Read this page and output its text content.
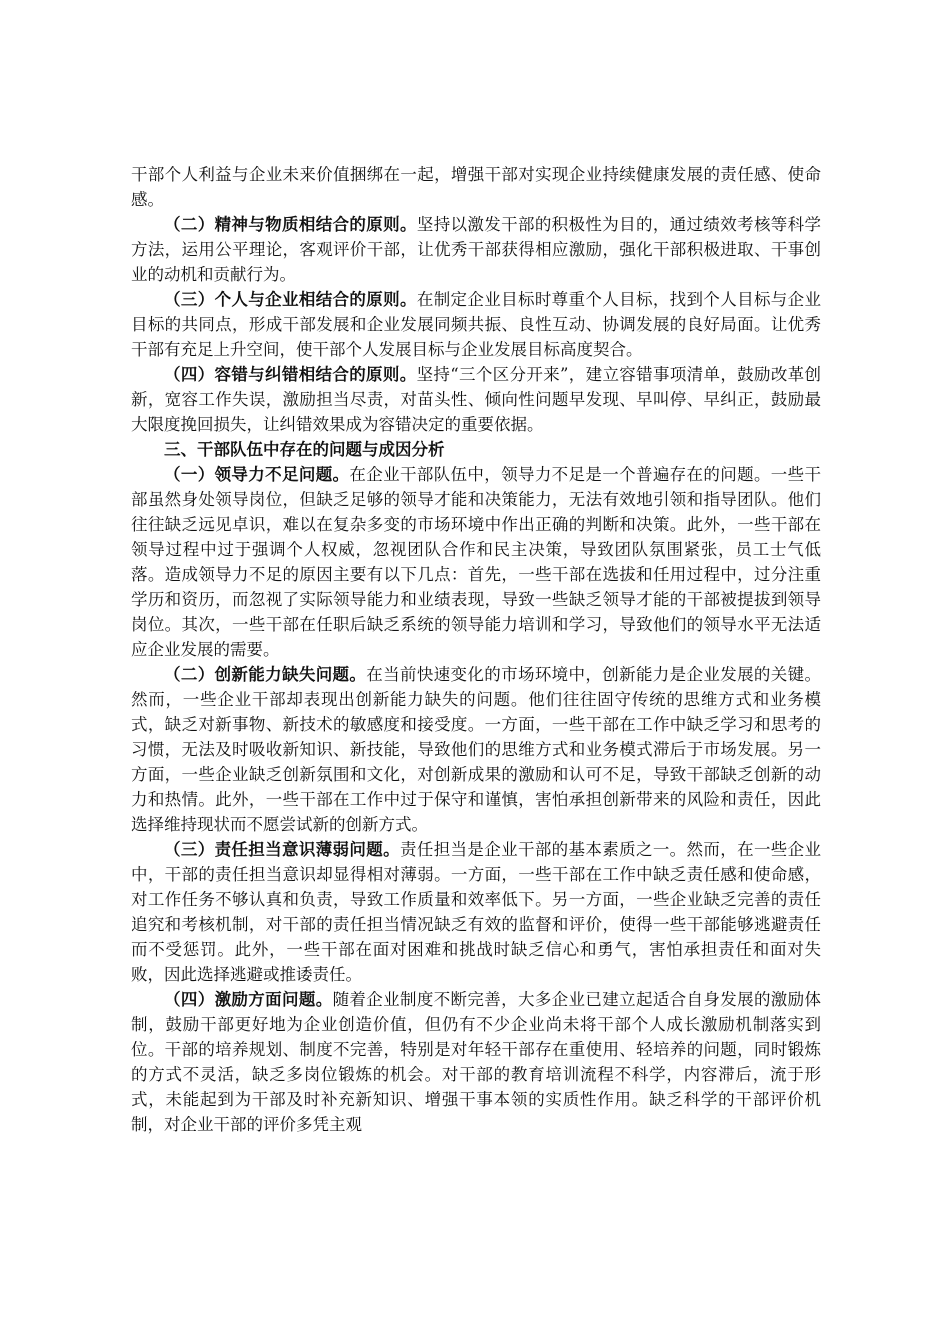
干部个人利益与企业未来价值捆绑在一起，增强干部对实现企业持续健康发展的责任感、使命感。

（二）精神与物质相结合的原则。坚持以激发干部的积极性为目的，通过绩效考核等科学方法，运用公平理论，客观评价干部，让优秀干部获得相应激励，强化干部积极进取、干事创业的动机和贡献行为。

（三）个人与企业相结合的原则。在制定企业目标时尊重个人目标，找到个人目标与企业目标的共同点，形成干部发展和企业发展同频共振、良性互动、协调发展的良好局面。让优秀干部有充足上升空间，使干部个人发展目标与企业发展目标高度契合。

（四）容错与纠错相结合的原则。坚持“三个区分开来”，建立容错事项清单，鼓励改革创新，宽容工作失误，激励担当尽责，对苗头性、倾向性问题早发现、早叫停、早纠正，鼓励最大限度挽回损失，让纠错效果成为容错决定的重要依据。

三、干部队伍中存在的问题与成因分析

（一）领导力不足问题。在企业干部队伍中，领导力不足是一个普遍存在的问题。一些干部虽然身处领导岗位，但缺乏足够的领导才能和决策能力，无法有效地引领和指导团队。他们往往缺乏远见卓识，难以在复杂多变的市场环境中作出正确的判断和决策。此外，一些干部在领导过程中过于强调个人权威，忽视团队合作和民主决策，导致团队氛围紧张，员工士气低落。造成领导力不足的原因主要有以下几点：首先，一些干部在选拔和任用过程中，过分注重学历和资历，而忽视了实际领导能力和业绩表现，导致一些缺乏领导才能的干部被提拔到领导岗位。其次，一些干部在任职后缺乏系统的领导能力培训和学习，导致他们的领导水平无法适应企业发展的需要。

（二）创新能力缺失问题。在当前快速变化的市场环境中，创新能力是企业发展的关键。然而，一些企业干部却表现出创新能力缺失的问题。他们往往固守传统的思维方式和业务模式，缺乏对新事物、新技术的敏感度和接受度。一方面，一些干部在工作中缺乏学习和思考的习惯，无法及时吸收新知识、新技能，导致他们的思维方式和业务模式滞后于市场发展。另一方面，一些企业缺乏创新氛围和文化，对创新成果的激励和认可不足，导致干部缺乏创新的动力和热情。此外，一些干部在工作中过于保守和谨慎，害怕承担创新带来的风险和责任，因此选择维持现状而不愿尝试新的创新方式。

（三）责任担当意识薄弱问题。责任担当是企业干部的基本素质之一。然而，在一些企业中，干部的责任担当意识却显得相对薄弱。一方面，一些干部在工作中缺乏责任感和使命感，对工作任务不够认真和负责，导致工作质量和效率低下。另一方面，一些企业缺乏完善的责任追究和考核机制，对干部的责任担当情况缺乏有效的监督和评价，使得一些干部能够逃避责任而不受惩罚。此外，一些干部在面对困难和挑战时缺乏信心和勇气，害怕承担责任和面对失败，因此选择逃避或推诿责任。

（四）激励方面问题。随着企业制度不断完善，大多企业已建立起适合自身发展的激励体制，鼓励干部更好地为企业创造价值，但仍有不少企业尚未将干部个人成长激励机制落实到位。干部的培养规划、制度不完善，特别是对年轻干部存在重使用、轻培养的问题，同时锻炼的方式不灵活，缺乏多岗位锻炼的机会。对干部的教育培训流程不科学，内容滞后，流于形式，未能起到为干部及时补充新知识、增强干事本领的实质性作用。缺乏科学的干部评价机制，对企业干部的评价多凭主观
